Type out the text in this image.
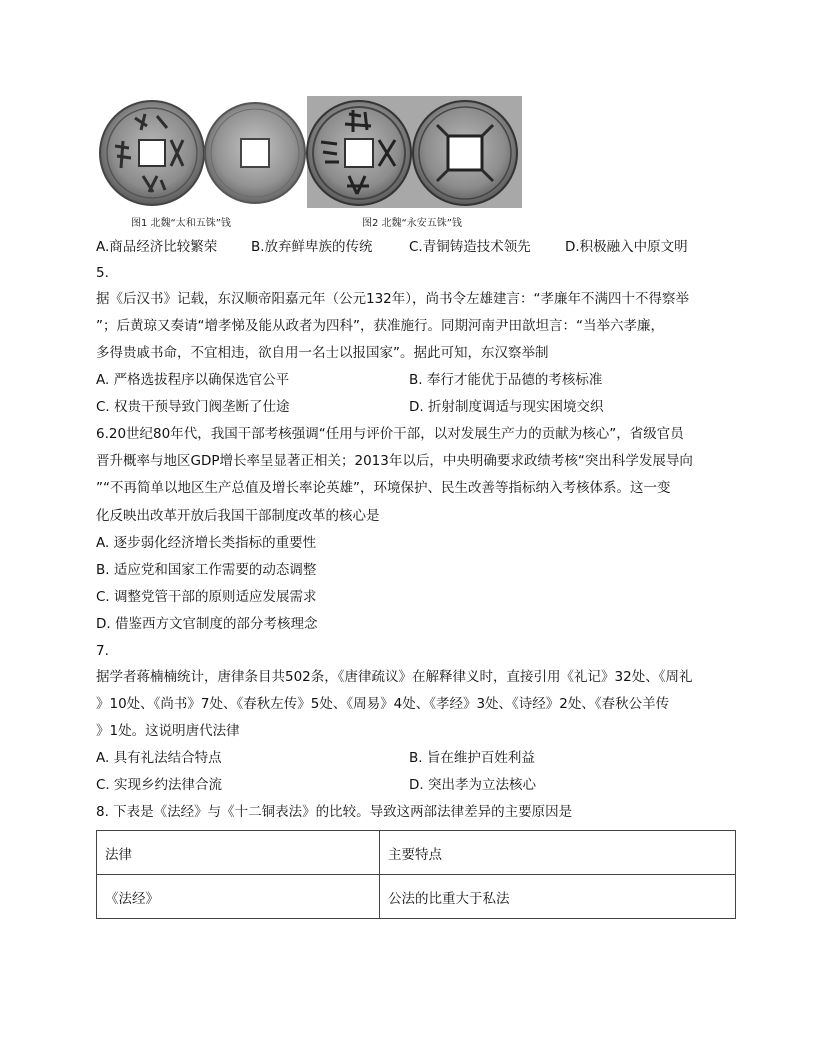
图1 北魏“太和五铢”钱	图2 北魏“永安五铢”钱
A.商品经济比较繁荣 B.放弃鲜卑族的传统	C.青铜铸造技术领先	D.积极融入中原文明
5.
据《后汉书》记载，东汉顺帝阳嘉元年（公元132年），尚书令左雄建言：“孝廉年不满四十不得察举
”；后黄琼又奏请“增孝悌及能从政者为四科”，获准施行。同期河南尹田歆坦言：“当举六孝廉，
多得贵戚书命，不宜相违，欲自用一名士以报国家”。据此可知，东汉察举制
A. 严格选拔程序以确保选官公平	B. 奉行才能优于品德的考核标准
C. 权贵干预导致门阀垄断了仕途	D. 折射制度调适与现实困境交织
6.20世纪80年代，我国干部考核强调“任用与评价干部，以对发展生产力的贡献为核心”，省级官员
晋升概率与地区GDP增长率呈显著正相关；2013年以后，中央明确要求政绩考核“突出科学发展导向
”“不再简单以地区生产总值及增长率论英雄”，环境保护、民生改善等指标纳入考核体系。这一变
化反映出改革开放后我国干部制度改革的核心是
A. 逐步弱化经济增长类指标的重要性
B. 适应党和国家工作需要的动态调整
C. 调整党管干部的原则适应发展需求
D. 借鉴西方文官制度的部分考核理念
7.
据学者蒋楠楠统计，唐律条目共502条，《唐律疏议》在解释律义时，直接引用《礼记》32处、《周礼
》10处、《尚书》7处、《春秋左传》5处、《周易》4处、《孝经》3处、《诗经》2处、《春秋公羊传
》1处。这说明唐代法律
A. 具有礼法结合特点	B. 旨在维护百姓利益
C. 实现乡约法律合流	D. 突出孝为立法核心
8. 下表是《法经》与《十二铜表法》的比较。导致这两部法律差异的主要原因是
法律	主要特点
《法经》	公法的比重大于私法
